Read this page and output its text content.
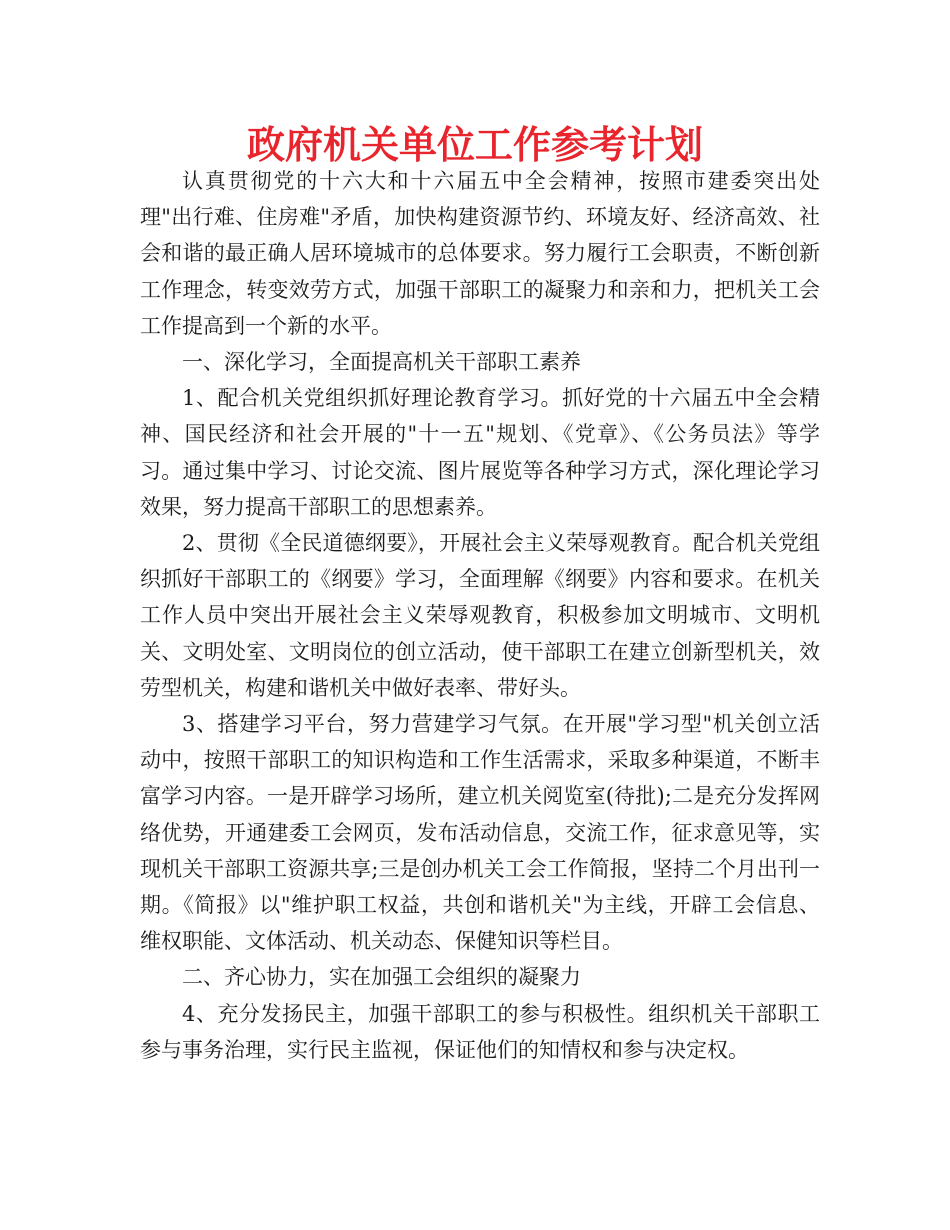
政府机关单位工作参考计划

认真贯彻党的十六大和十六届五中全会精神，按照市建委突出处理"出行难、住房难"矛盾，加快构建资源节约、环境友好、经济高效、社会和谐的最正确人居环境城市的总体要求。努力履行工会职责，不断创新工作理念，转变效劳方式，加强干部职工的凝聚力和亲和力，把机关工会工作提高到一个新的水平。

一、深化学习，全面提高机关干部职工素养

1、配合机关党组织抓好理论教育学习。抓好党的十六届五中全会精神、国民经济和社会开展的"十一五"规划、《党章》、《公务员法》等学习。通过集中学习、讨论交流、图片展览等各种学习方式，深化理论学习效果，努力提高干部职工的思想素养。

2、贯彻《全民道德纲要》，开展社会主义荣辱观教育。配合机关党组织抓好干部职工的《纲要》学习，全面理解《纲要》内容和要求。在机关工作人员中突出开展社会主义荣辱观教育，积极参加文明城市、文明机关、文明处室、文明岗位的创立活动，使干部职工在建立创新型机关，效劳型机关，构建和谐机关中做好表率、带好头。

3、搭建学习平台，努力营建学习气氛。在开展"学习型"机关创立活动中，按照干部职工的知识构造和工作生活需求，采取多种渠道，不断丰富学习内容。一是开辟学习场所，建立机关阅览室(待批);二是充分发挥网络优势，开通建委工会网页，发布活动信息，交流工作，征求意见等，实现机关干部职工资源共享;三是创办机关工会工作简报，坚持二个月出刊一期。《简报》以"维护职工权益，共创和谐机关"为主线，开辟工会信息、维权职能、文体活动、机关动态、保健知识等栏目。

二、齐心协力，实在加强工会组织的凝聚力

4、充分发扬民主，加强干部职工的参与积极性。组织机关干部职工参与事务治理，实行民主监视，保证他们的知情权和参与决定权。
